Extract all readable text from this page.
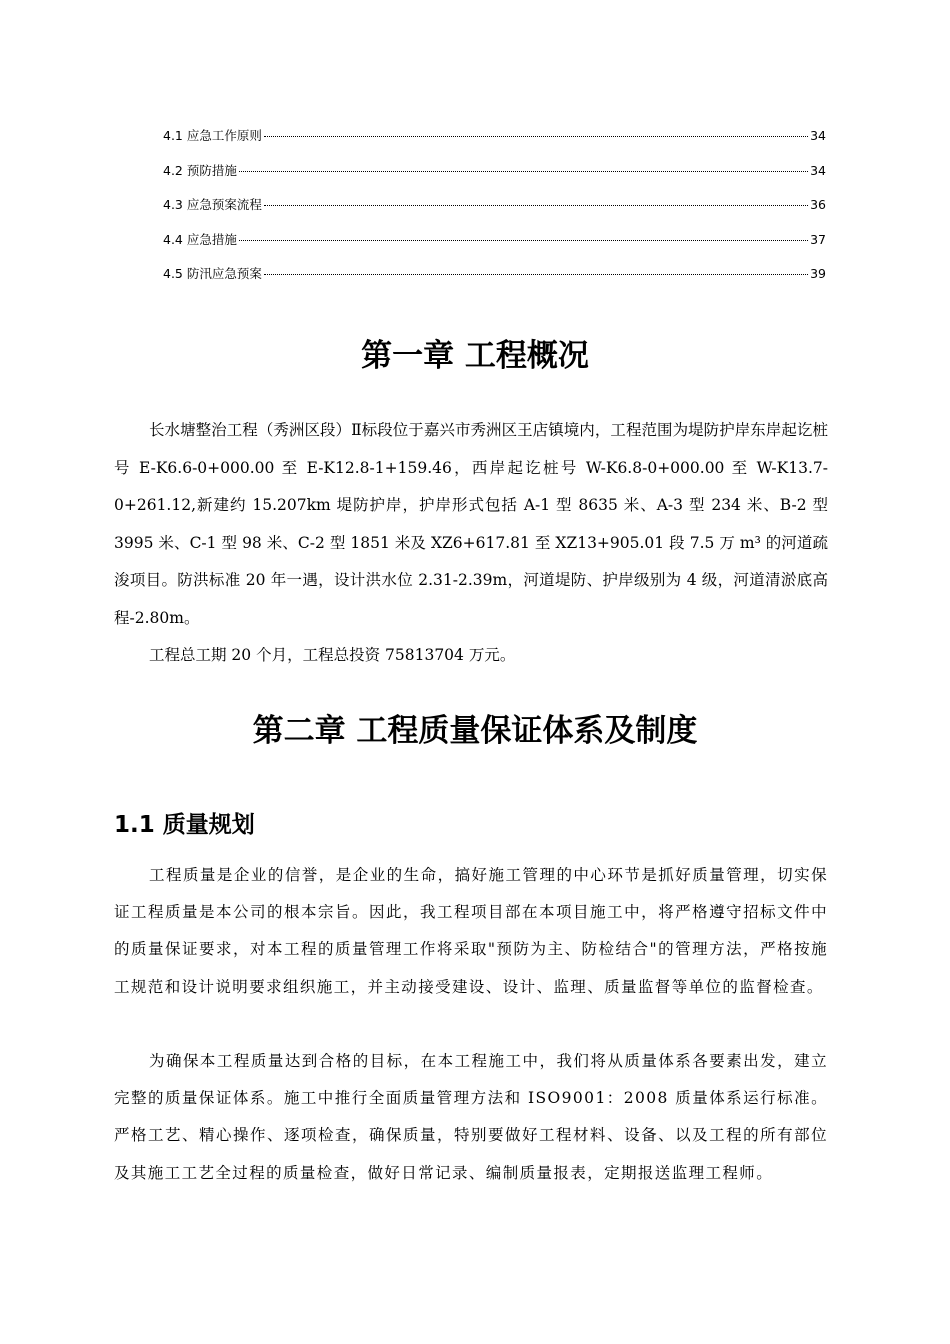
4.1 应急工作原则	34
4.2 预防措施	34
4.3 应急预案流程	36
4.4 应急措施	37
4.5 防汛应急预案	39
第一章 工程概况

长水塘整治工程（秀洲区段）Ⅱ标段位于嘉兴市秀洲区王店镇境内，工程范围为堤防护岸东岸起讫桩号 E-K6.6-0+000.00 至 E-K12.8-1+159.46，西岸起讫桩号 W-K6.8-0+000.00 至 W-K13.7-0+261.12,新建约 15.207km 堤防护岸，护岸形式包括 A-1 型 8635 米、A-3 型 234 米、B-2 型 3995 米、C-1 型 98 米、C-2 型 1851 米及 XZ6+617.81 至 XZ13+905.01 段 7.5 万 m³ 的河道疏浚项目。防洪标准 20 年一遇，设计洪水位 2.31-2.39m，河道堤防、护岸级别为 4 级，河道清淤底高程-2.80m。

工程总工期 20 个月，工程总投资 75813704 万元。

第二章 工程质量保证体系及制度
1.1 质量规划

工程质量是企业的信誉，是企业的生命，搞好施工管理的中心环节是抓好质量管理，切实保证工程质量是本公司的根本宗旨。因此，我工程项目部在本项目施工中，将严格遵守招标文件中的质量保证要求，对本工程的质量管理工作将采取"预防为主、防检结合"的管理方法，严格按施工规范和设计说明要求组织施工，并主动接受建设、设计、监理、质量监督等单位的监督检查。

为确保本工程质量达到合格的目标，在本工程施工中，我们将从质量体系各要素出发，建立完整的质量保证体系。施工中推行全面质量管理方法和 ISO9001：2008 质量体系运行标准。严格工艺、精心操作、逐项检查，确保质量，特别要做好工程材料、设备、以及工程的所有部位及其施工工艺全过程的质量检查，做好日常记录、编制质量报表，定期报送监理工程师。
